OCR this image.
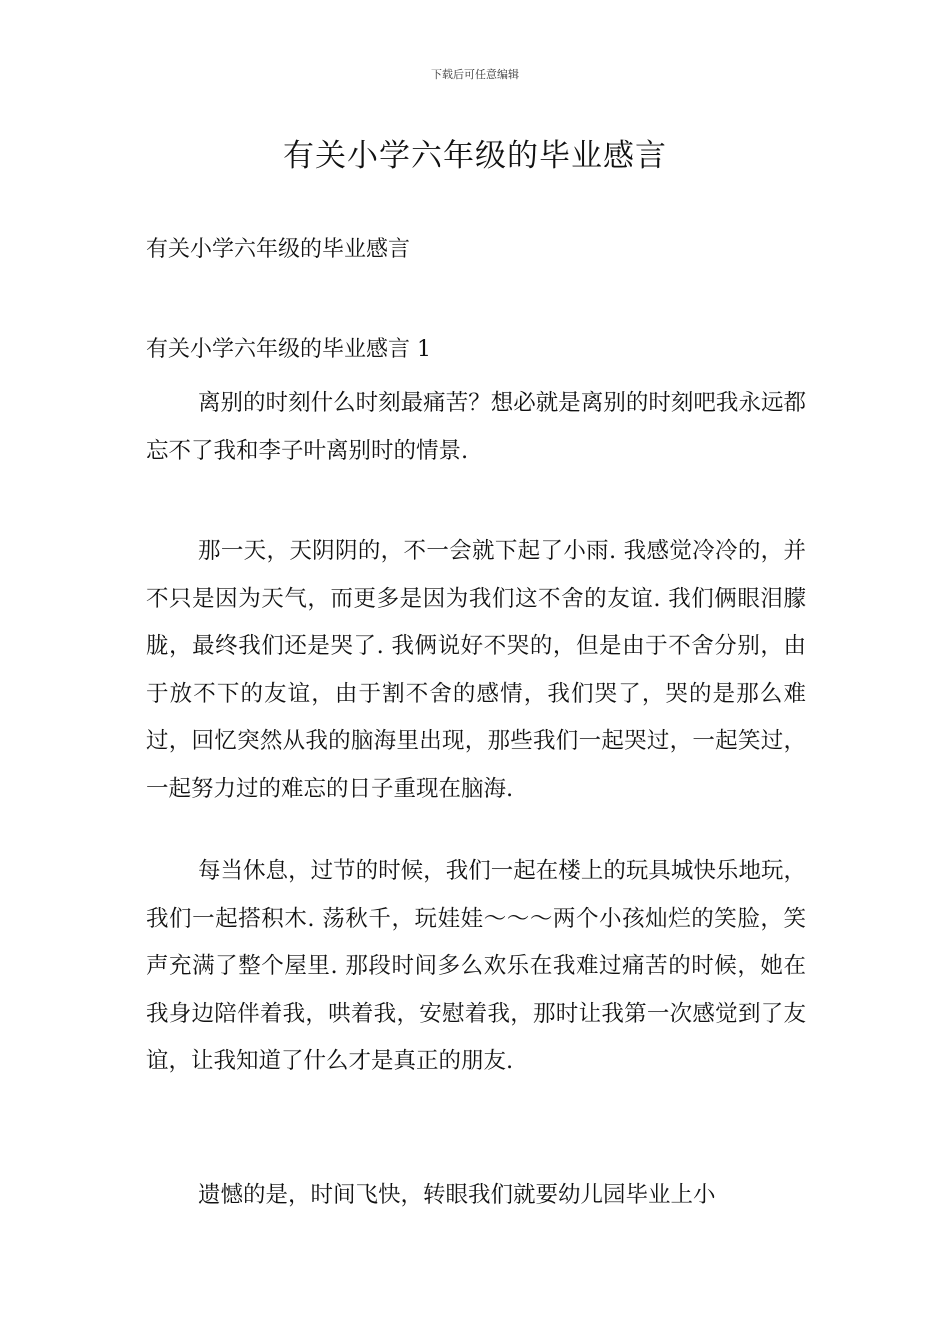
下载后可任意编辑
有关小学六年级的毕业感言
有关小学六年级的毕业感言
有关小学六年级的毕业感言 1

离别的时刻什么时刻最痛苦？想必就是离别的时刻吧我永远都忘不了我和李子叶离别时的情景.

那一天，天阴阴的，不一会就下起了小雨. 我感觉冷冷的，并不只是因为天气，而更多是因为我们这不舍的友谊. 我们俩眼泪朦胧，最终我们还是哭了. 我俩说好不哭的，但是由于不舍分别，由于放不下的友谊，由于割不舍的感情，我们哭了，哭的是那么难过，回忆突然从我的脑海里出现，那些我们一起哭过，一起笑过，一起努力过的难忘的日子重现在脑海.

每当休息，过节的时候，我们一起在楼上的玩具城快乐地玩，我们一起搭积木. 荡秋千，玩娃娃～～～两个小孩灿烂的笑脸，笑声充满了整个屋里. 那段时间多么欢乐在我难过痛苦的时候，她在我身边陪伴着我，哄着我，安慰着我，那时让我第一次感觉到了友谊，让我知道了什么才是真正的朋友.

遗憾的是，时间飞快，转眼我们就要幼儿园毕业上小
